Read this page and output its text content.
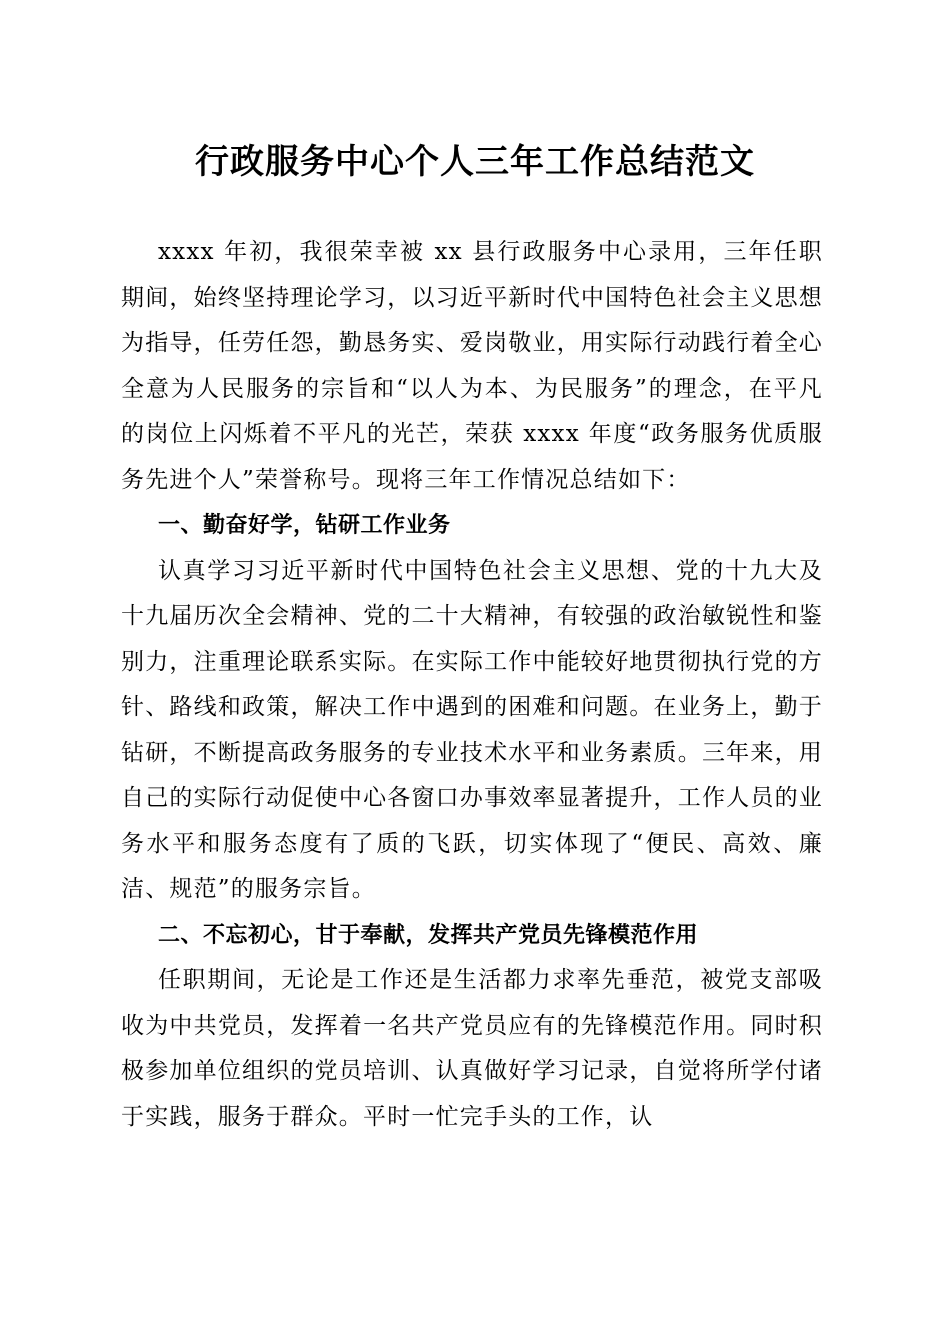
行政服务中心个人三年工作总结范文

xxxx 年初，我很荣幸被 xx 县行政服务中心录用，三年任职期间，始终坚持理论学习，以习近平新时代中国特色社会主义思想为指导，任劳任怨，勤恳务实、爱岗敬业，用实际行动践行着全心全意为人民服务的宗旨和“以人为本、为民服务”的理念，在平凡的岗位上闪烁着不平凡的光芒，荣获 xxxx 年度“政务服务优质服务先进个人”荣誉称号。现将三年工作情况总结如下：

一、勤奋好学，钻研工作业务

认真学习习近平新时代中国特色社会主义思想、党的十九大及十九届历次全会精神、党的二十大精神，有较强的政治敏锐性和鉴别力，注重理论联系实际。在实际工作中能较好地贯彻执行党的方针、路线和政策，解决工作中遇到的困难和问题。在业务上，勤于钻研，不断提高政务服务的专业技术水平和业务素质。三年来，用自己的实际行动促使中心各窗口办事效率显著提升，工作人员的业务水平和服务态度有了质的飞跃，切实体现了“便民、高效、廉洁、规范”的服务宗旨。

二、不忘初心，甘于奉献，发挥共产党员先锋模范作用

任职期间，无论是工作还是生活都力求率先垂范，被党支部吸收为中共党员，发挥着一名共产党员应有的先锋模范作用。同时积极参加单位组织的党员培训、认真做好学习记录，自觉将所学付诸于实践，服务于群众。平时一忙完手头的工作，认
